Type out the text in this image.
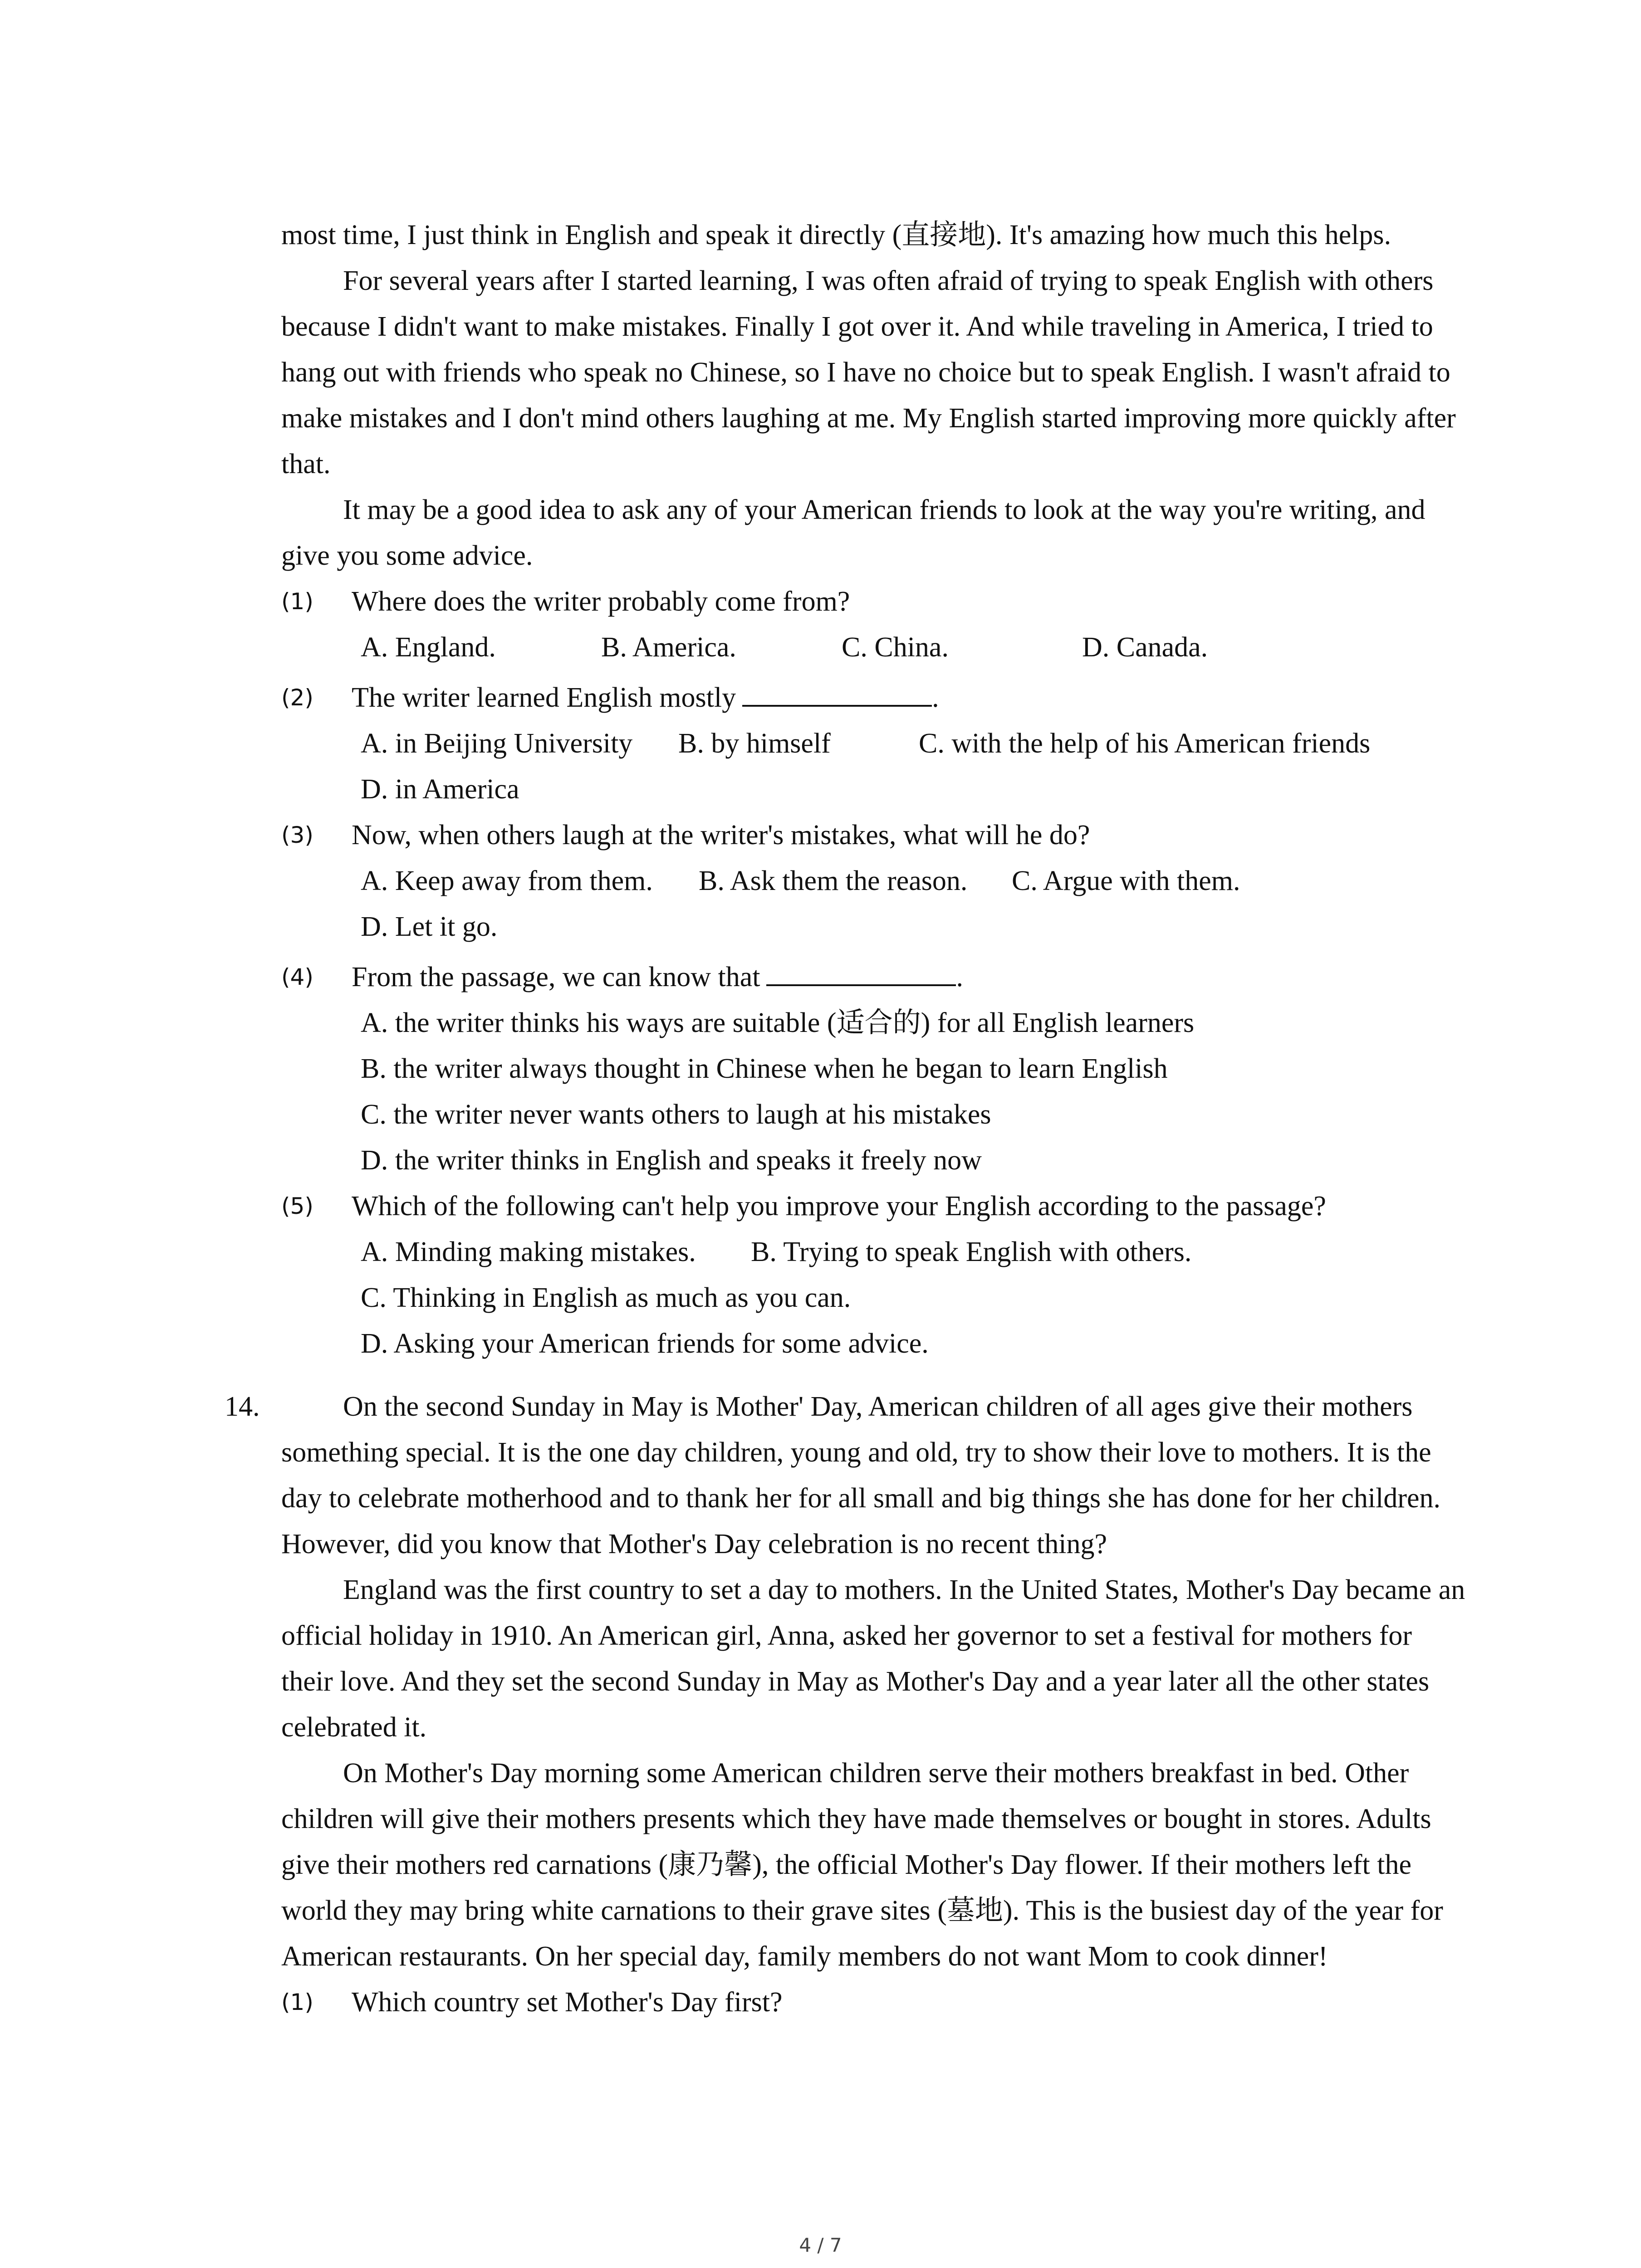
most time, I just think in English and speak it directly (直接地). It's amazing how much this helps.

For several years after I started learning, I was often afraid of trying to speak English with others because I didn't want to make mistakes. Finally I got over it. And while traveling in America, I tried to hang out with friends who speak no Chinese, so I have no choice but to speak English. I wasn't afraid to make mistakes and I don't mind others laughing at me. My English started improving more quickly after that.

It may be a good idea to ask any of your American friends to look at the way you're writing, and give you some advice.

(1) Where does the writer probably come from?
A. England.	B. America.	C. China.	D. Canada.
(2) The writer learned English mostly	.
A. in Beijing University B. by himself	C. with the help of his American friends
D. in America
(3) Now, when others laugh at the writer's mistakes, what will he do?
A. Keep away from them. B. Ask them the reason. C. Argue with them.
D. Let it go.
(4) From the passage, we can know that	.
A. the writer thinks his ways are suitable (适合的) for all English learners
B. the writer always thought in Chinese when he began to learn English
C. the writer never wants others to laugh at his mistakes
D. the writer thinks in English and speaks it freely now
(5) Which of the following can't help you improve your English according to the passage?
A. Minding making mistakes. B. Trying to speak English with others.
C. Thinking in English as much as you can.
D. Asking your American friends for some advice.
14.	On the second Sunday in May is Mother' Day, American children of all ages give their mothers something special. It is the one day children, young and old, try to show their love to mothers. It is the day to celebrate motherhood and to thank her for all small and big things she has done for her children. However, did you know that Mother's Day celebration is no recent thing?

England was the first country to set a day to mothers. In the United States, Mother's Day became an official holiday in 1910. An American girl, Anna, asked her governor to set a festival for mothers for their love. And they set the second Sunday in May as Mother's Day and a year later all the other states celebrated it.

On Mother's Day morning some American children serve their mothers breakfast in bed. Other children will give their mothers presents which they have made themselves or bought in stores. Adults give their mothers red carnations (康乃馨), the official Mother's Day flower. If their mothers left the world they may bring white carnations to their grave sites (墓地). This is the busiest day of the year for American restaurants. On her special day, family members do not want Mom to cook dinner!

(1) Which country set Mother's Day first?
4 / 7
